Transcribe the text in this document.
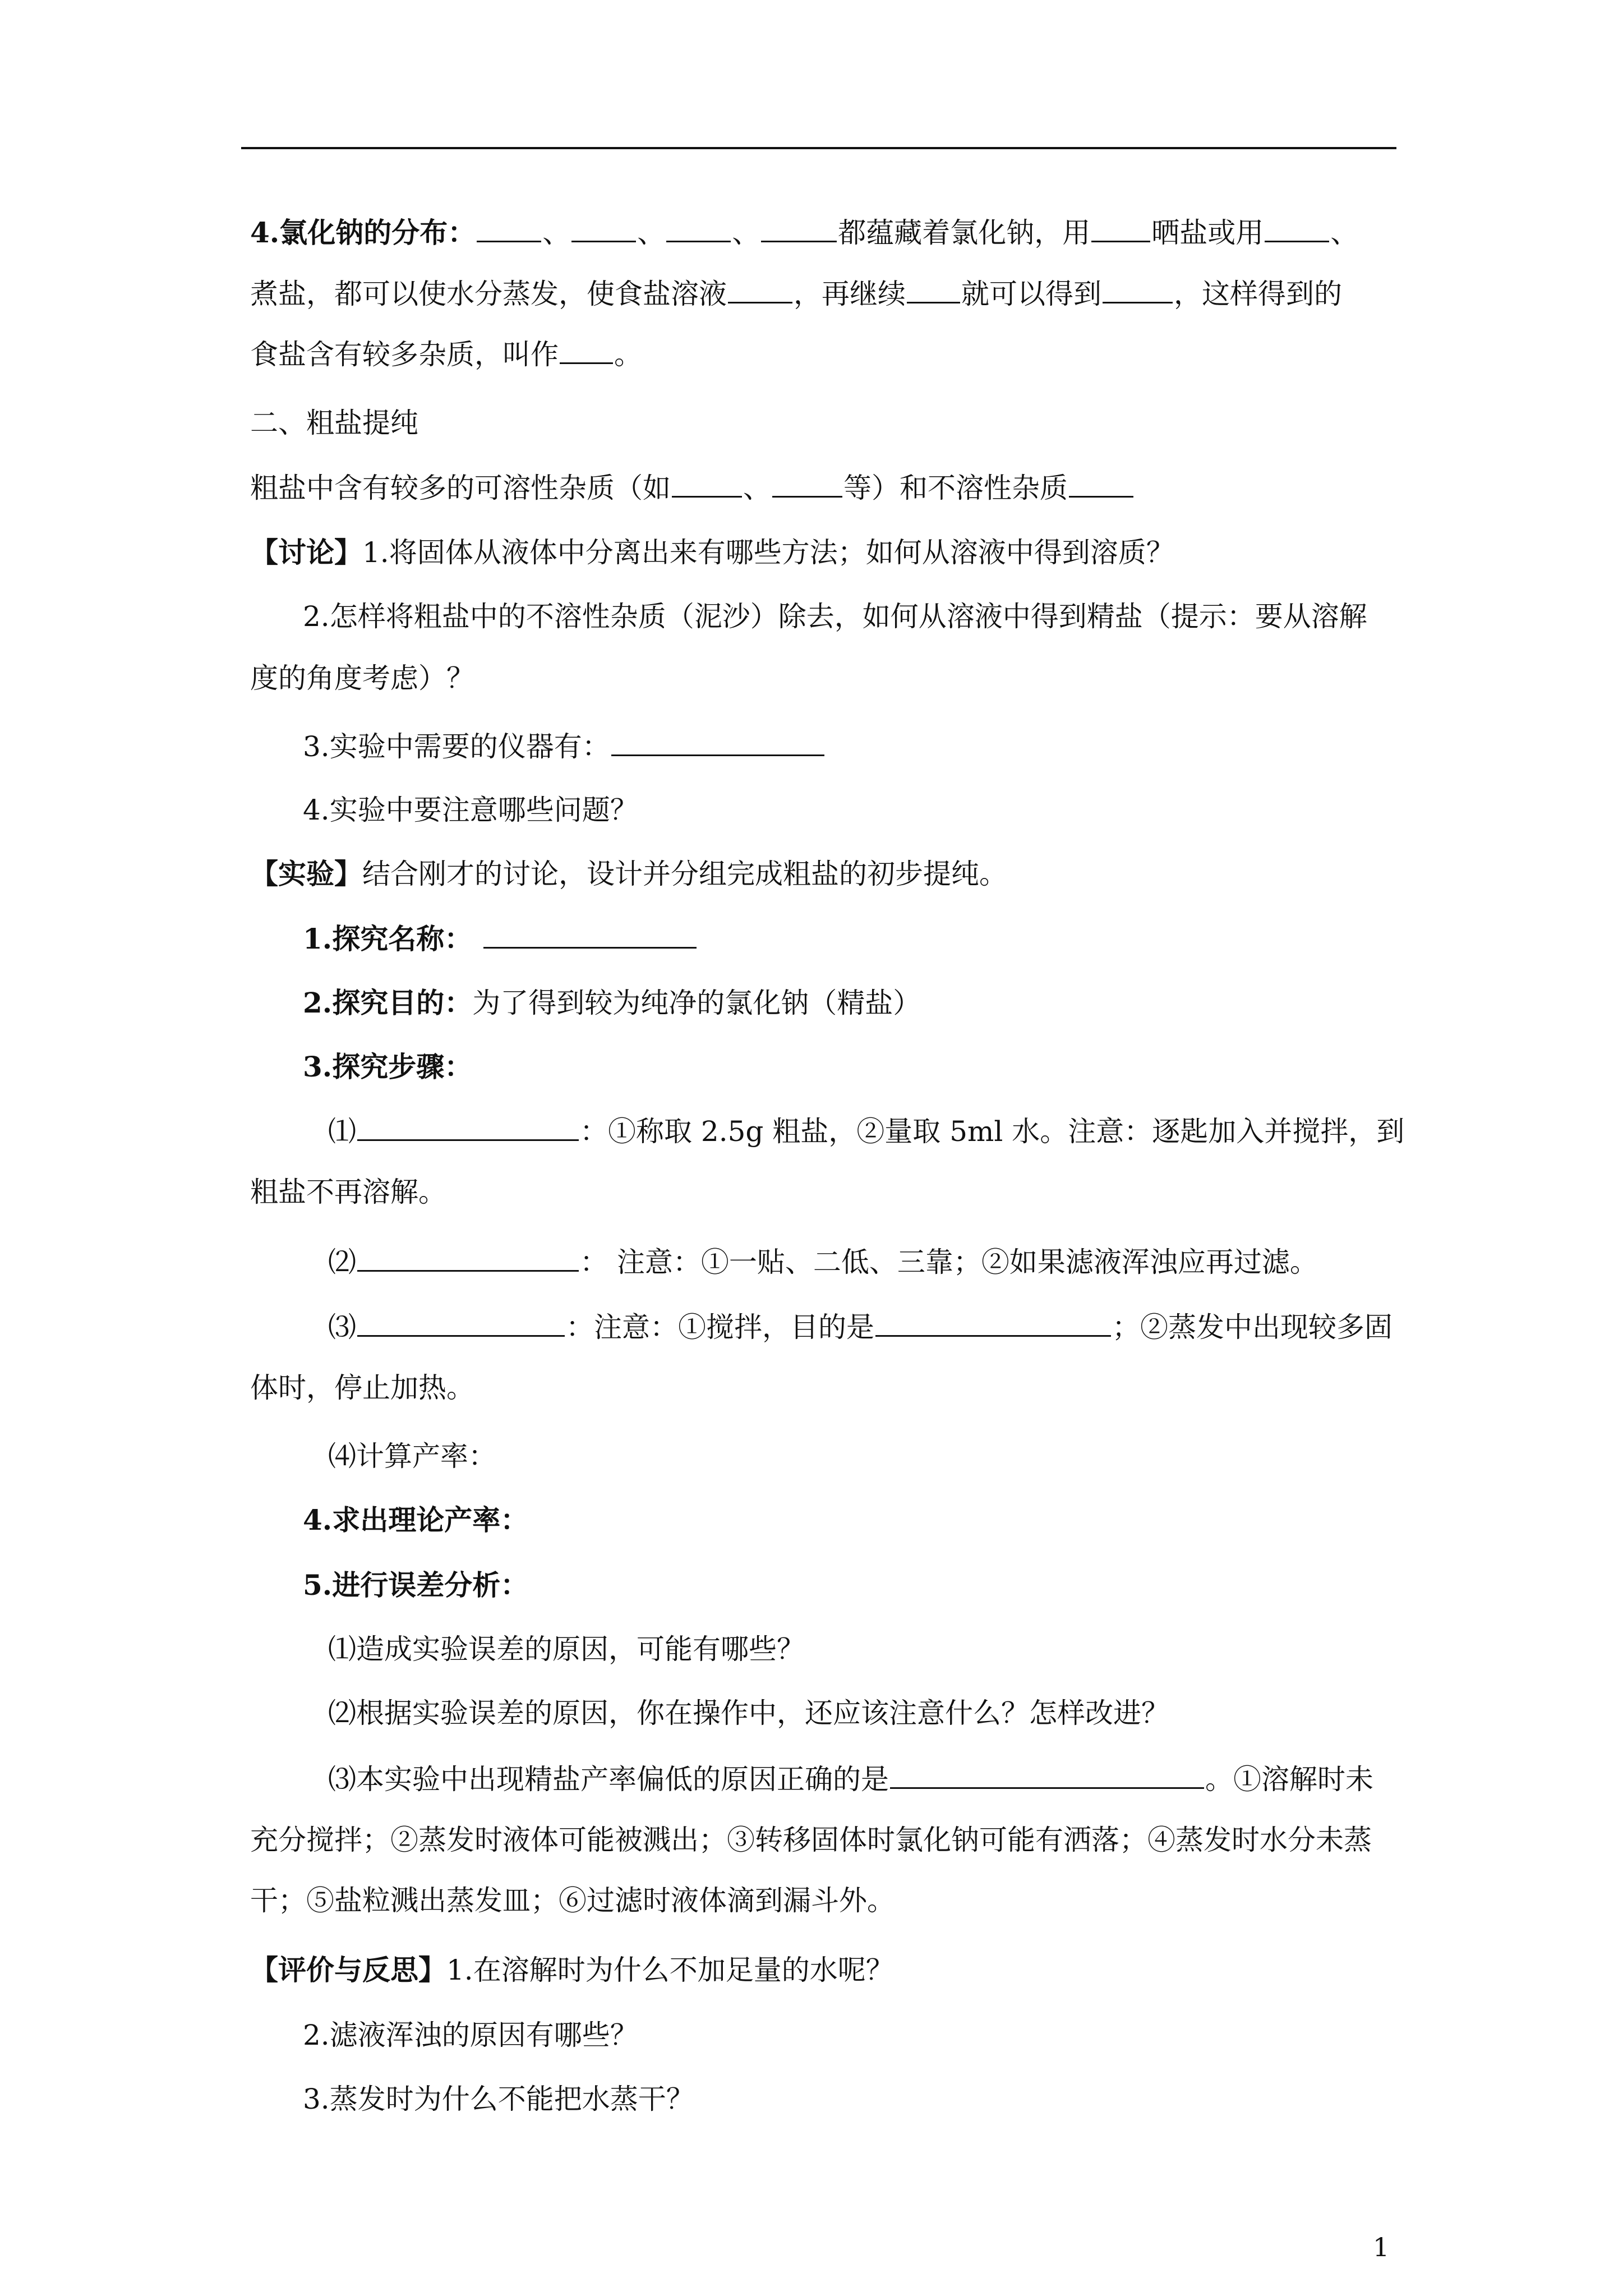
4.氯化钠的分布： 、 、 、	都蕴藏着氯化钠，用 晒盐或用 、
煮盐，都可以使水分蒸发，使食盐溶液 ，再继续 就可以得到	，这样得到的
食盐含有较多杂质，叫作 。
二、粗盐提纯
粗盐中含有较多的可溶性杂质（如	、	等）和不溶性杂质
【讨论】1.将固体从液体中分离出来有哪些方法；如何从溶液中得到溶质？
2.怎样将粗盐中的不溶性杂质（泥沙）除去，如何从溶液中得到精盐（提示：要从溶解
度的角度考虑）？
3.实验中需要的仪器有：
4.实验中要注意哪些问题？
【实验】结合刚才的讨论，设计并分组完成粗盐的初步提纯。
1.探究名称：
2.探究目的：为了得到较为纯净的氯化钠（精盐）
3.探究步骤：
⑴	：①称取 2.5g 粗盐，②量取 5ml 水。注意：逐匙加入并搅拌，到
粗盐不再溶解。
⑵	： 注意：①一贴、二低、三靠；②如果滤液浑浊应再过滤。
⑶	：注意：①搅拌，目的是	；②蒸发中出现较多固
体时，停止加热。
⑷计算产率：
4.求出理论产率：
5.进行误差分析：
⑴造成实验误差的原因，可能有哪些？
⑵根据实验误差的原因，你在操作中，还应该注意什么？怎样改进？
⑶本实验中出现精盐产率偏低的原因正确的是	。①溶解时未
充分搅拌；②蒸发时液体可能被溅出；③转移固体时氯化钠可能有洒落；④蒸发时水分未蒸
干；⑤盐粒溅出蒸发皿；⑥过滤时液体滴到漏斗外。
【评价与反思】1.在溶解时为什么不加足量的水呢？
2.滤液浑浊的原因有哪些？
3.蒸发时为什么不能把水蒸干？
1
